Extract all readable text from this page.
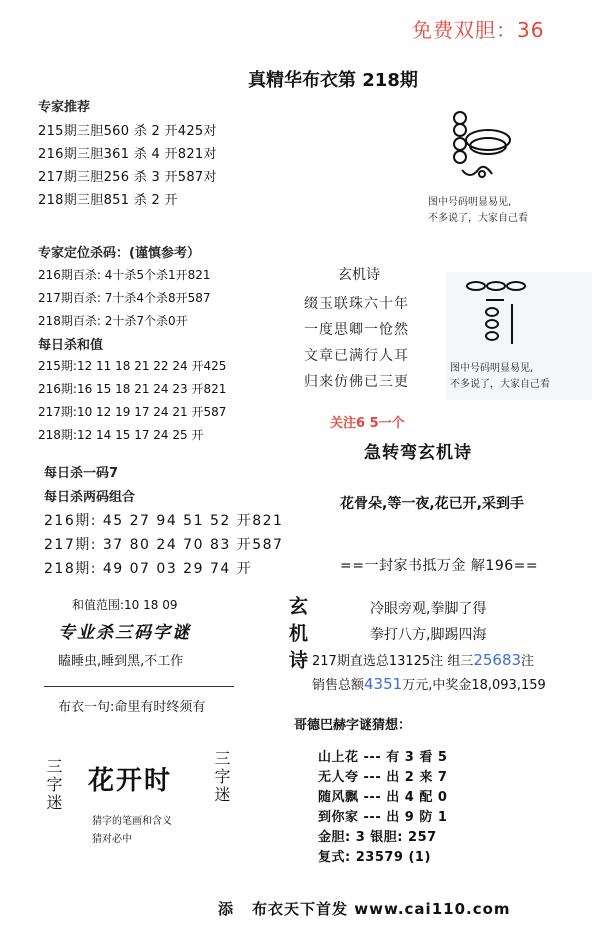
免费双胆：36
真精华布衣第 218期
专家推荐
215期三胆560 杀 2 开425对
216期三胆361 杀 4 开821对
217期三胆256 杀 3 开587对
218期三胆851 杀 2 开
专家定位杀码：(谨慎参考）
216期百杀: 4十杀5个杀1开821
217期百杀: 7十杀4个杀8开587
218期百杀: 2十杀7个杀0开
每日杀和值
215期:12 11 18 21 22 24 开425
216期:16 15 18 21 24 23 开821
217期:10 12 19 17 24 21 开587
218期:12 14 15 17 24 25 开
每日杀一码7
每日杀两码组合
216期: 45 27 94 51 52 开821
217期: 37 80 24 70 83 开587
218期: 49 07 03 29 74 开
和值范围:10 18 09
专业杀三码字谜
瞌睡虫,睡到黑,不工作
布衣一句:命里有时终须有
三字迷 花开时 三字迷
猜字的笔画和含义
猜对必中
图中号码明显易见,
不多说了，大家自己看
玄机诗
缀玉联珠六十年
一度思卿一怆然
文章已满行人耳
归来仿佛已三更
图中号码明显易见,
不多说了，大家自己看
关注6 5一个
急转弯玄机诗
花骨朵,等一夜,花已开,采到手
==一封家书抵万金 解196==
玄机诗	冷眼旁观,拳脚了得
拳打八方,脚踢四海
217期直选总13125注 组三25683注
销售总额4351万元,中奖金18,093,159
哥德巴赫字谜猜想：
山上花 --- 有 3 看 5
无人夸 --- 出 2 来 7
随风飘 --- 出 4 配 0
到你家 --- 出 9 防 1
金胆: 3 银胆: 257
复式: 23579 (1)
添 布衣天下首发 www.cai110.com
